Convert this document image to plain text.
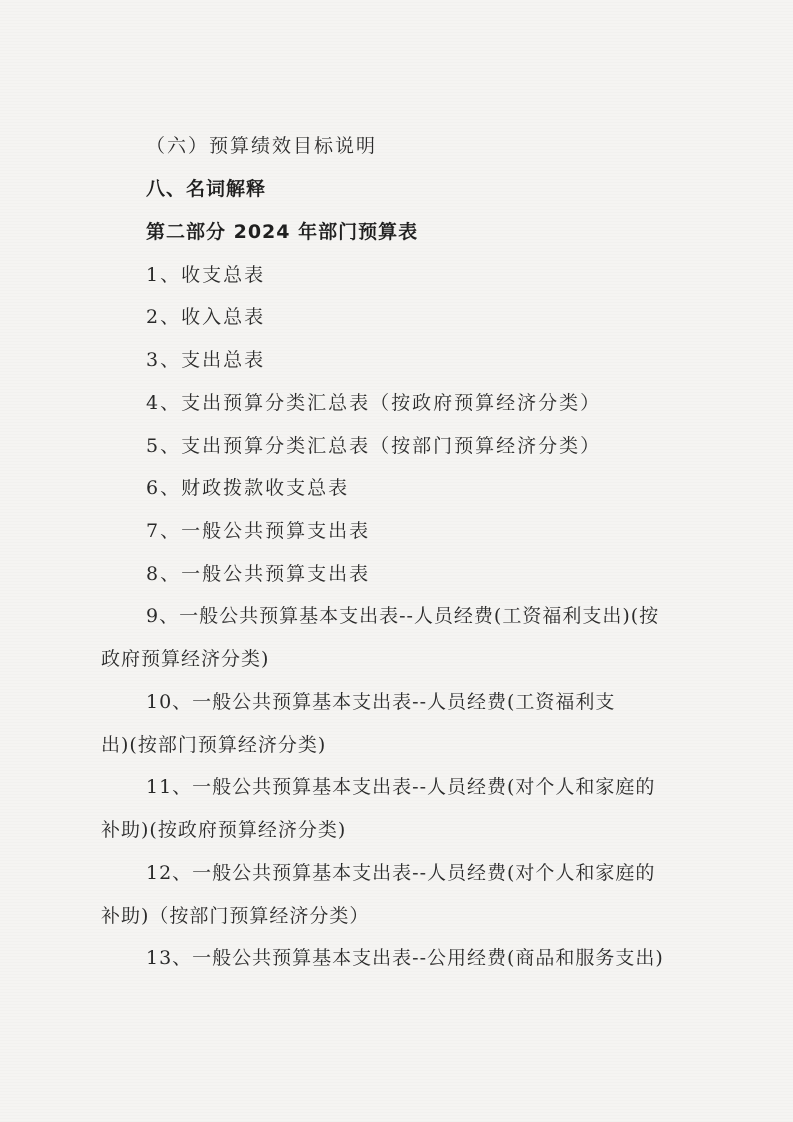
（六）预算绩效目标说明
八、名词解释
第二部分 2024 年部门预算表
1、收支总表
2、收入总表
3、支出总表
4、支出预算分类汇总表（按政府预算经济分类）
5、支出预算分类汇总表（按部门预算经济分类）
6、财政拨款收支总表
7、一般公共预算支出表
8、一般公共预算支出表
9、一般公共预算基本支出表--人员经费(工资福利支出)(按
政府预算经济分类)
10、一般公共预算基本支出表--人员经费(工资福利支
出)(按部门预算经济分类)
11、一般公共预算基本支出表--人员经费(对个人和家庭的
补助)(按政府预算经济分类)
12、一般公共预算基本支出表--人员经费(对个人和家庭的
补助)（按部门预算经济分类）
13、一般公共预算基本支出表--公用经费(商品和服务支出)
